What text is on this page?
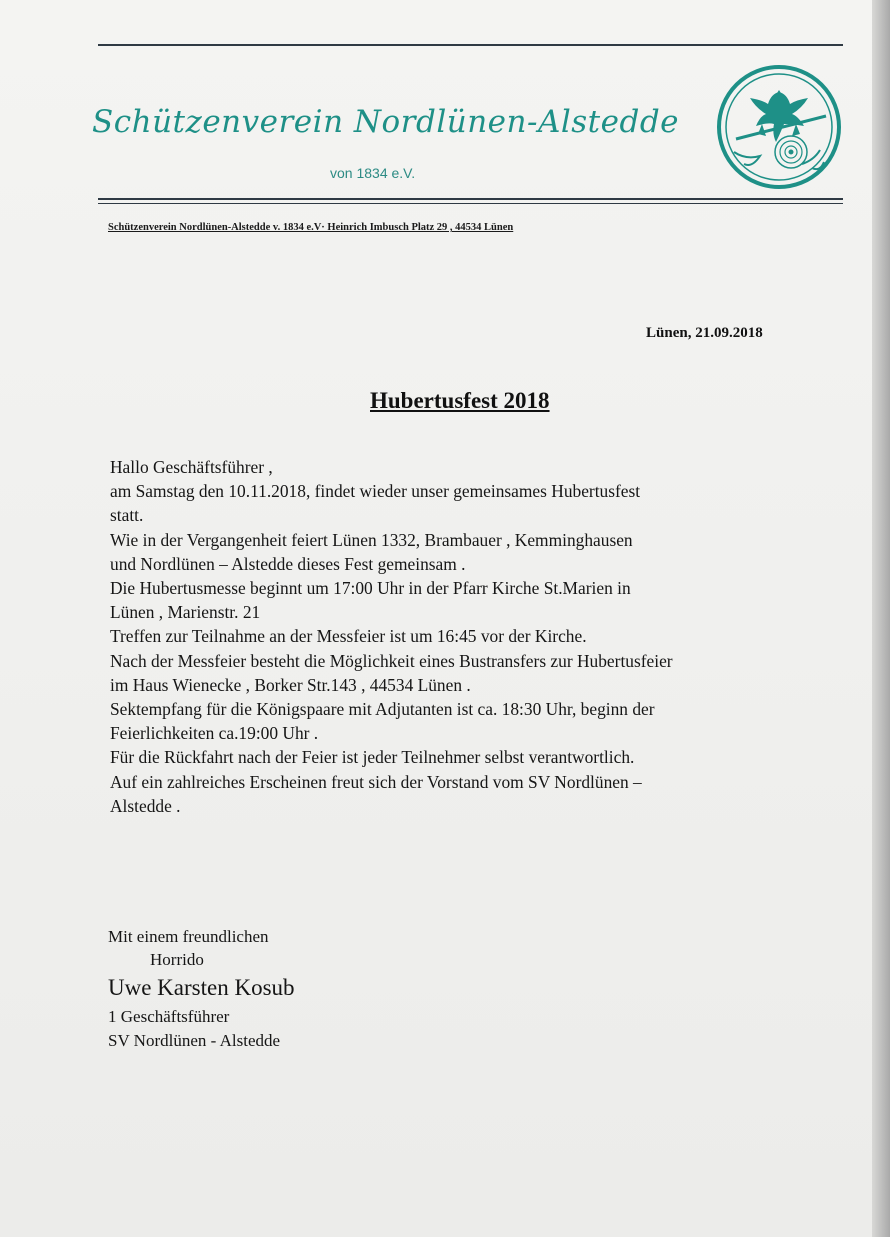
Schützenverein Nordlünen-Alstedde
von 1834 e.V.
Schützenverein Nordlünen-Alstedde v. 1834 e.V· Heinrich Imbusch Platz 29 , 44534 Lünen
Lünen, 21.09.2018
Hubertusfest 2018
Hallo Geschäftsführer ,
am Samstag den 10.11.2018, findet wieder unser gemeinsames Hubertusfest
statt.
Wie in der Vergangenheit feiert Lünen 1332, Brambauer , Kemminghausen
und Nordlünen – Alstedde dieses Fest gemeinsam .
Die Hubertusmesse beginnt um 17:00 Uhr in der Pfarr Kirche St.Marien in
Lünen , Marienstr. 21
Treffen zur Teilnahme an der Messfeier ist um 16:45 vor der Kirche.
Nach der Messfeier besteht die Möglichkeit eines Bustransfers zur Hubertusfeier
im Haus Wienecke , Borker Str.143 , 44534 Lünen .
Sektempfang für die Königspaare mit Adjutanten ist ca. 18:30 Uhr, beginn der
Feierlichkeiten ca.19:00 Uhr .
Für die Rückfahrt nach der Feier ist jeder Teilnehmer selbst verantwortlich.
Auf ein zahlreiches Erscheinen freut sich der Vorstand vom SV Nordlünen –
Alstedde .
Mit einem freundlichen
Horrido
Uwe Karsten Kosub
1 Geschäftsführer
SV Nordlünen - Alstedde
